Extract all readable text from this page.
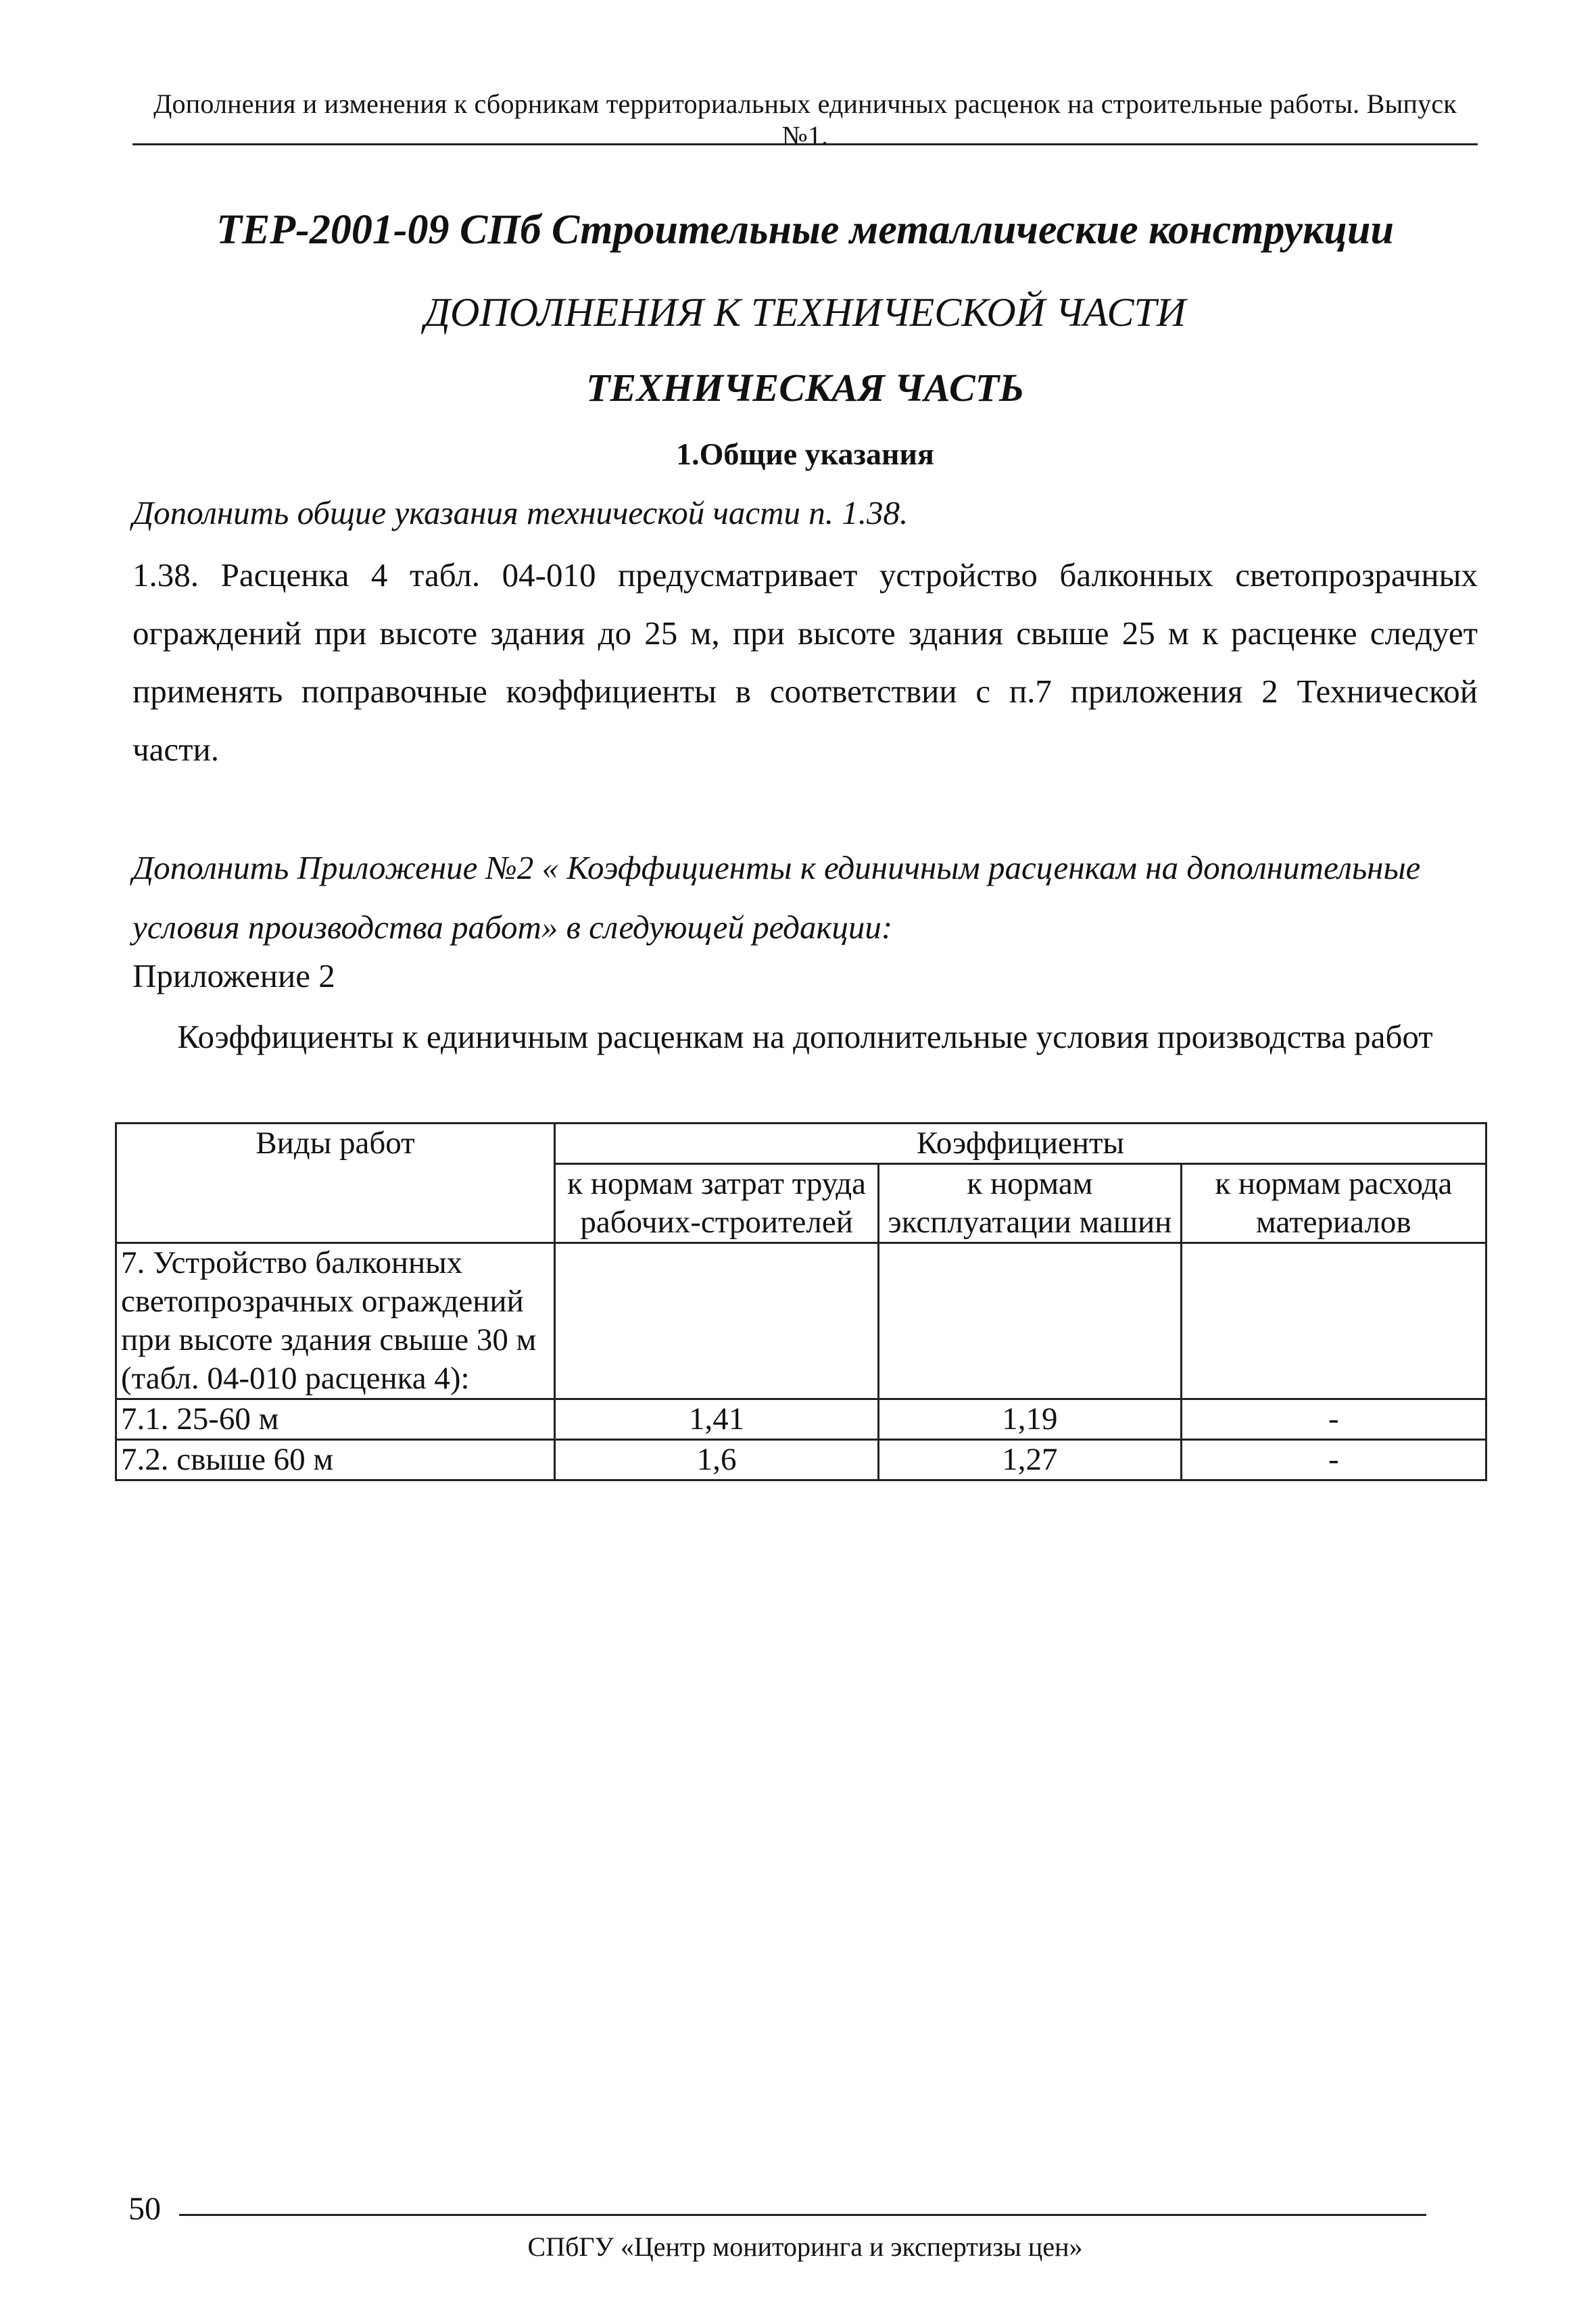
Дополнения и изменения к сборникам территориальных единичных расценок на строительные работы. Выпуск №1.
ТЕР-2001-09 СПб Строительные металлические конструкции
ДОПОЛНЕНИЯ К ТЕХНИЧЕСКОЙ ЧАСТИ
ТЕХНИЧЕСКАЯ ЧАСТЬ
1.Общие указания
Дополнить общие указания технической части п. 1.38.
1.38. Расценка 4 табл. 04-010 предусматривает устройство балконных светопрозрачных ограждений при высоте здания до 25 м, при высоте здания свыше 25 м к расценке следует применять поправочные коэффициенты в соответствии с п.7 приложения 2 Технической части.
Дополнить Приложение №2 « Коэффициенты к единичным расценкам на дополнительные условия производства работ» в следующей редакции:
Приложение 2
Коэффициенты к единичным расценкам на дополнительные условия производства работ
Виды работ	Коэффициенты		
	к нормам затрат труда рабочих-строителей	к нормам эксплуатации машин	к нормам расхода материалов
7. Устройство балконных светопрозрачных ограждений при высоте здания свыше 30 м (табл. 04-010 расценка 4):			
7.1. 25-60 м	1,41	1,19	-
7.2. свыше 60 м	1,6	1,27	-
50
СПбГУ «Центр мониторинга и экспертизы цен»
